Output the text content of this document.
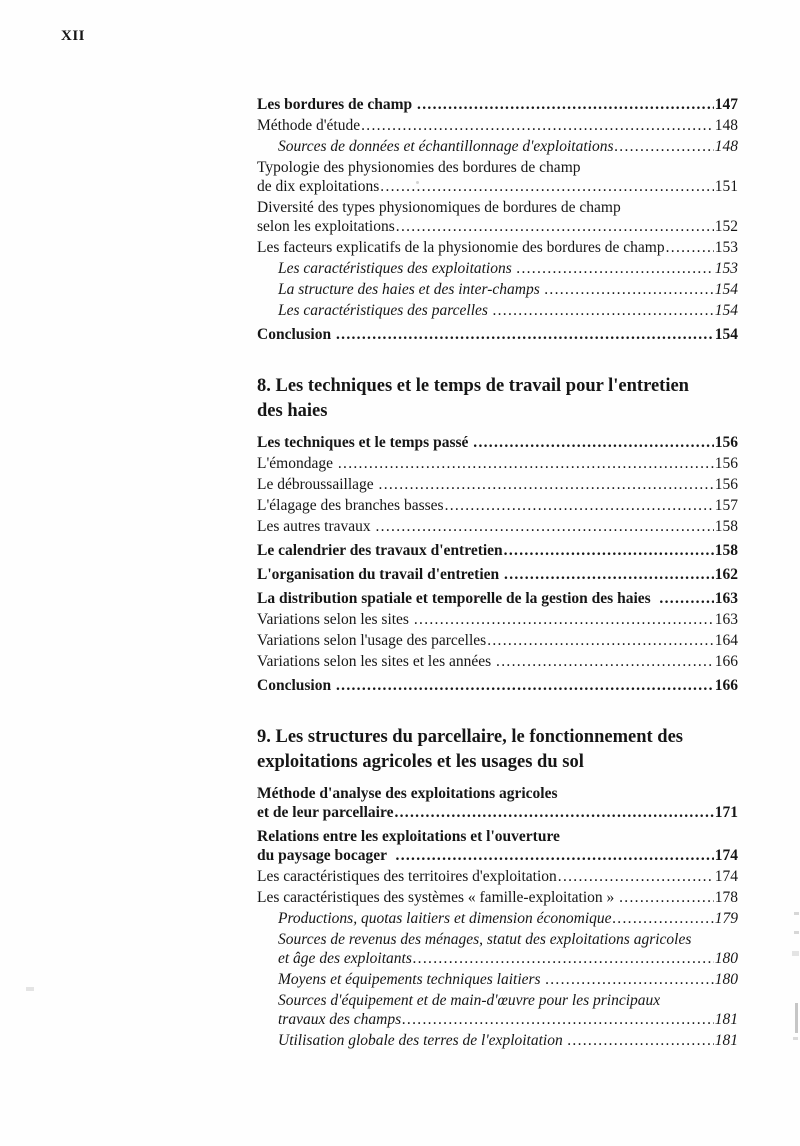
XII
Les bordures de champ .....	147
Méthode d'étude .....	148
Sources de données et échantillonnage d'exploitations .....	148
Typologie des physionomies des bordures de champ
de dix exploitations .....	151
Diversité des types physionomiques de bordures de champ
selon les exploitations .....	152
Les facteurs explicatifs de la physionomie des bordures de champ .....	153
Les caractéristiques des exploitations .....	153
La structure des haies et des inter-champs .....	154
Les caractéristiques des parcelles .....	154
Conclusion .....	154
8. Les techniques et le temps de travail pour l'entretien
des haies
Les techniques et le temps passé .....	156
L'émondage .....	156
Le débroussaillage .....	156
L'élagage des branches basses .....	157
Les autres travaux .....	158
Le calendrier des travaux d'entretien .....	158
L'organisation du travail d'entretien .....	162
La distribution spatiale et temporelle de la gestion des haies .....	163
Variations selon les sites .....	163
Variations selon l'usage des parcelles .....	164
Variations selon les sites et les années .....	166
Conclusion .....	166
9. Les structures du parcellaire, le fonctionnement des
exploitations agricoles et les usages du sol
Méthode d'analyse des exploitations agricoles
et de leur parcellaire .....	171
Relations entre les exploitations et l'ouverture
du paysage bocager .....	174
Les caractéristiques des territoires d'exploitation .....	174
Les caractéristiques des systèmes « famille-exploitation » .....	178
Productions, quotas laitiers et dimension économique .....	179
Sources de revenus des ménages, statut des exploitations agricoles
et âge des exploitants .....	180
Moyens et équipements techniques laitiers .....	180
Sources d'équipement et de main-d'œuvre pour les principaux
travaux des champs .....	181
Utilisation globale des terres de l'exploitation .....	181
